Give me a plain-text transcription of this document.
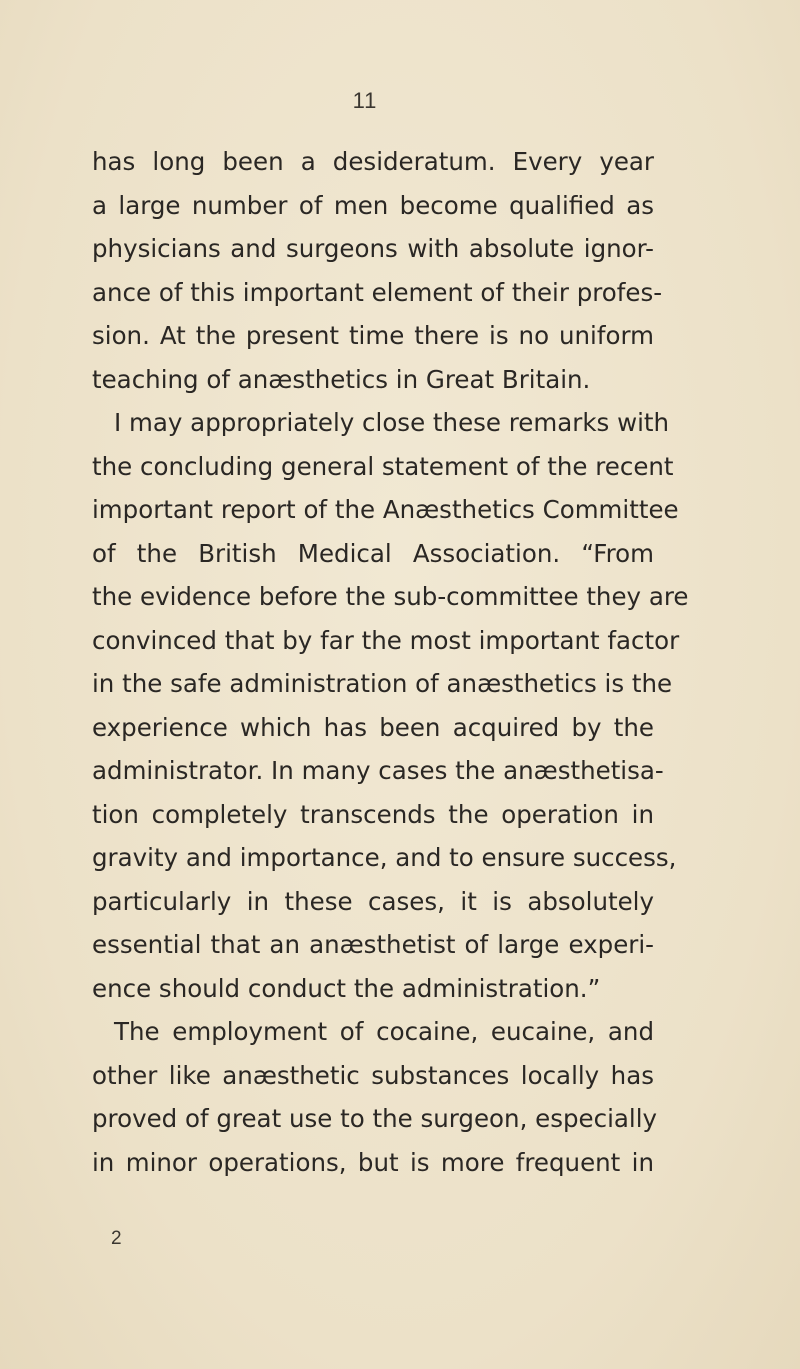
11
has long been a desideratum. Every year
a large number of men become qualified as
physicians and surgeons with absolute ignor-
ance of this important element of their profes-
sion. At the present time there is no uniform
teaching of anæsthetics in Great Britain.
I may appropriately close these remarks with
the concluding general statement of the recent
important report of the Anæsthetics Committee
of the British Medical Association. “From
the evidence before the sub-committee they are
convinced that by far the most important factor
in the safe administration of anæsthetics is the
experience which has been acquired by the
administrator. In many cases the anæsthetisa-
tion completely transcends the operation in
gravity and importance, and to ensure success,
particularly in these cases, it is absolutely
essential that an anæsthetist of large experi-
ence should conduct the administration.”
The employment of cocaine, eucaine, and
other like anæsthetic substances locally has
proved of great use to the surgeon, especially
in minor operations, but is more frequent in
2
